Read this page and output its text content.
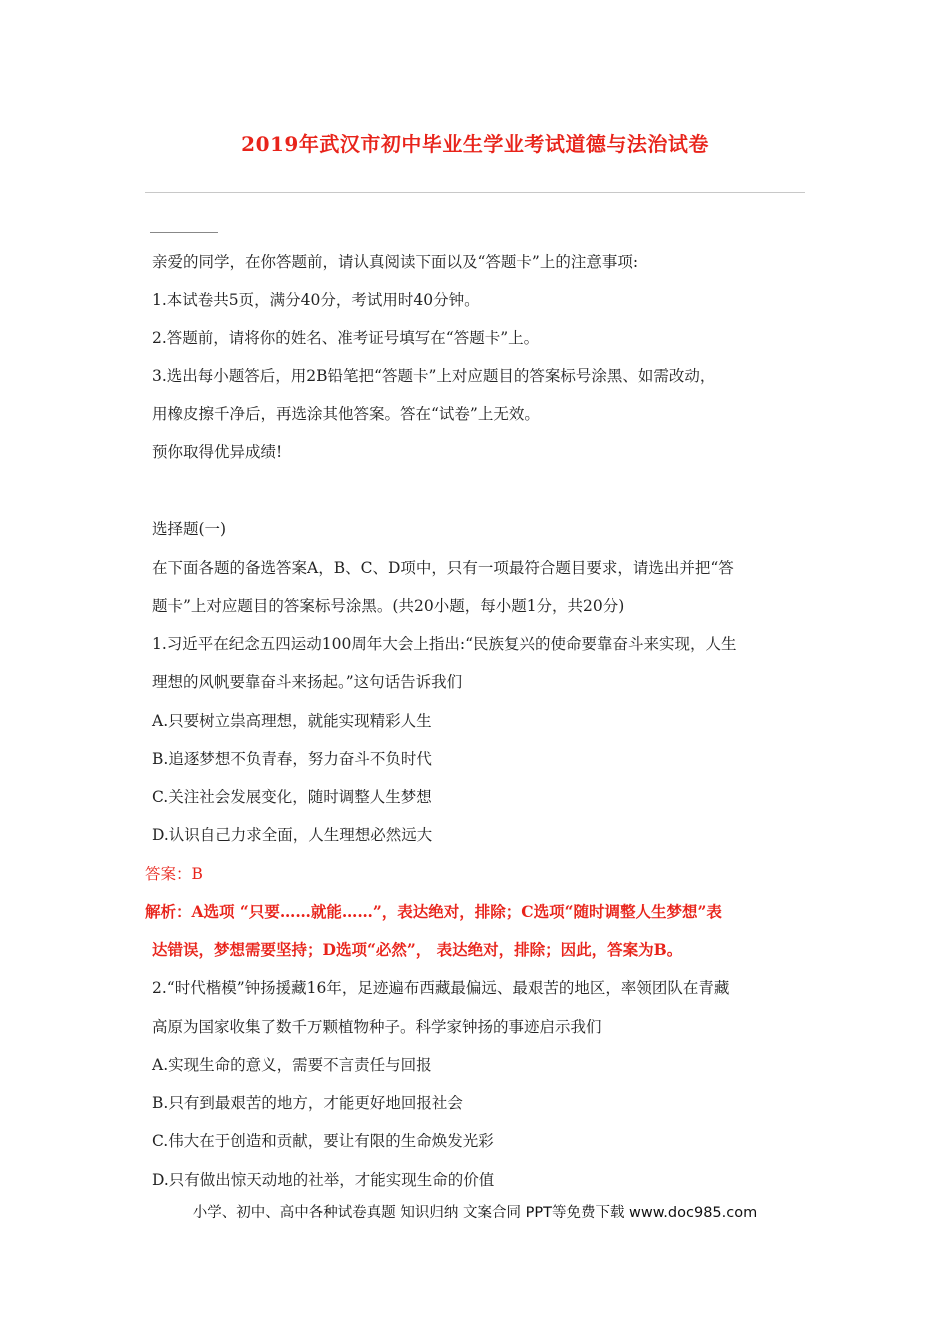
2019年武汉市初中毕业生学业考试道德与法治试卷
亲爱的同学，在你答题前，请认真阅读下面以及“答题卡”上的注意事项:
1.本试卷共5页，满分40分，考试用时40分钟。
2.答题前，请将你的姓名、准考证号填写在“答题卡”上。
3.选出每小题答后，用2B铅笔把“答题卡”上对应题目的答案标号涂黑、如需改动，
用橡皮擦千净后，再选涂其他答案。答在“试卷”上无效。
预你取得优异成绩!
选择题(一)
在下面各题的备选答案A，B、C、D项中，只有一项最符合题目要求，请选出并把“答
题卡”上对应题目的答案标号涂黑。(共20小题，每小题1分，共20分)
1.习近平在纪念五四运动100周年大会上指出:“民族复兴的使命要靠奋斗来实现，人生
理想的风帆要靠奋斗来扬起。”这句话告诉我们
A.只要树立祟高理想，就能实现精彩人生
B.追逐梦想不负青春，努力奋斗不负时代
C.关注社会发展变化，随时调整人生梦想
D.认识自己力求全面，人生理想必然远大
答案：B
解析：A选项 “只要……就能……”，表达绝对，排除；C选项“随时调整人生梦想”表
达错误，梦想需要坚持；D选项“必然”， 表达绝对，排除；因此，答案为B。
2.“时代楷模”钟扬援藏16年，足迹遍布西藏最偏远、最艰苦的地区，率领团队在青藏
高原为国家收集了数千万颗植物种子。科学家钟扬的事迹启示我们
A.实现生命的意义，需要不言责任与回报
B.只有到最艰苦的地方，才能更好地回报社会
C.伟大在于创造和贡献，要让有限的生命焕发光彩
D.只有做出惊天动地的社举，才能实现生命的价值
小学、初中、高中各种试卷真题 知识归纳 文案合同 PPT等免费下载 www.doc985.com
